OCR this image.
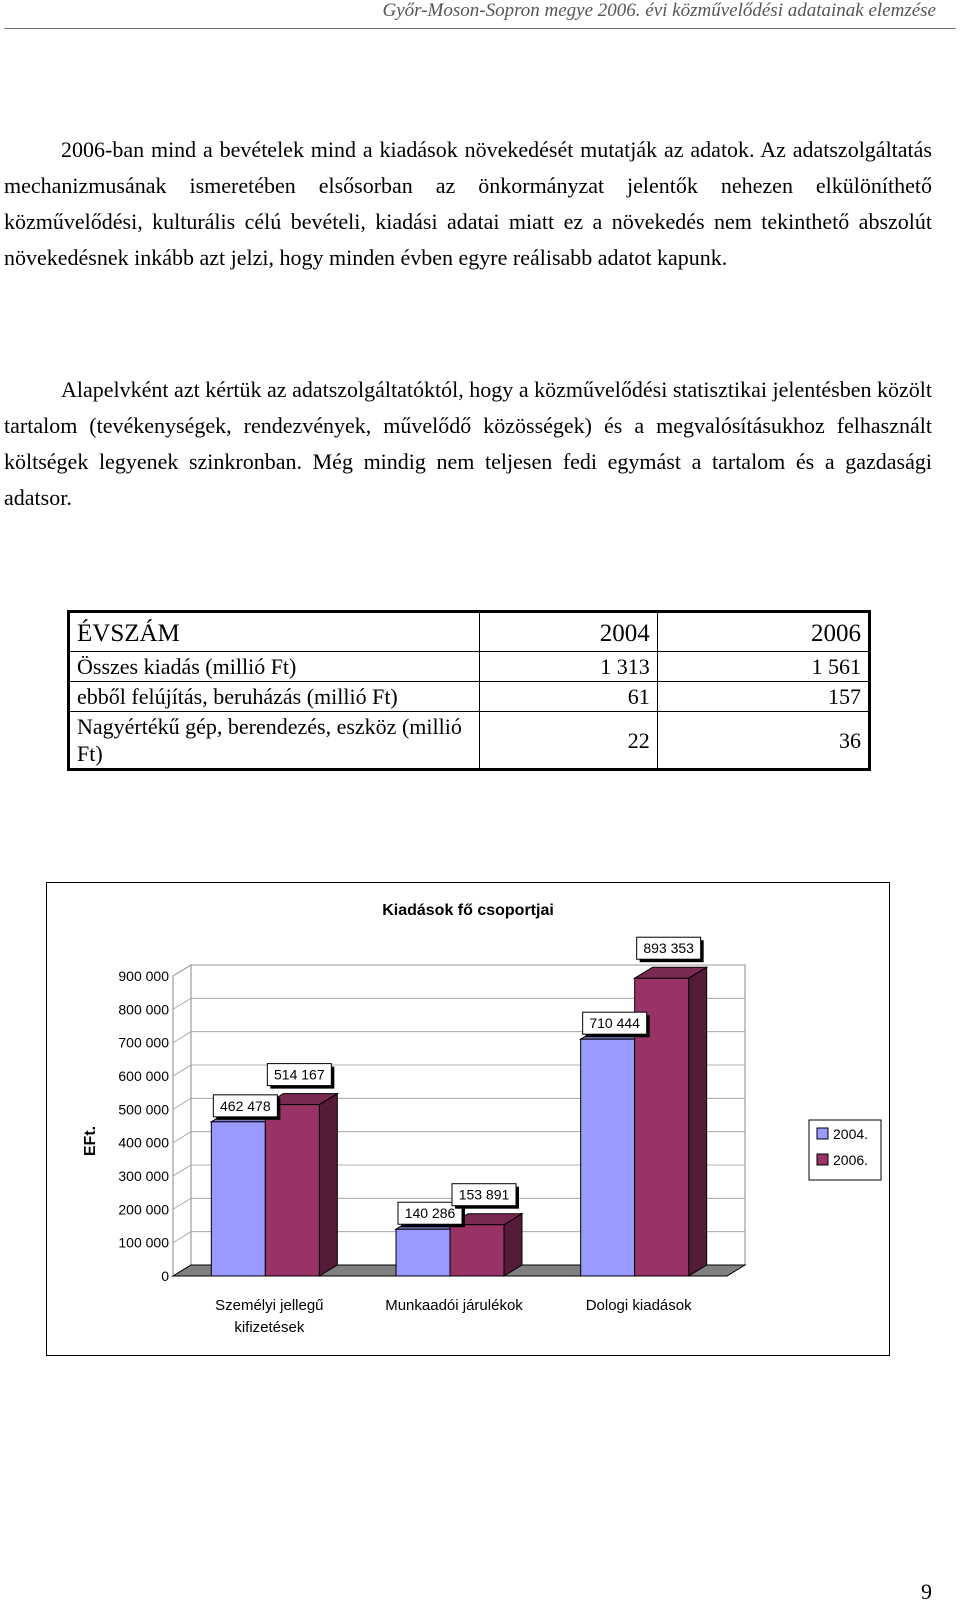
Győr-Moson-Sopron megye 2006. évi közművelődési adatainak elemzése

2006-ban mind a bevételek mind a kiadások növekedését mutatják az adatok. Az adatszolgáltatás mechanizmusának ismeretében elsősorban az önkormányzat jelentők nehezen elkülöníthető közművelődési, kulturális célú bevételi, kiadási adatai miatt ez a növekedés nem tekinthető abszolút növekedésnek inkább azt jelzi, hogy minden évben egyre reálisabb adatot kapunk.

Alapelvként azt kértük az adatszolgáltatóktól, hogy a közművelődési statisztikai jelentésben közölt tartalom (tevékenységek, rendezvények, művelődő közösségek) és a megvalósításukhoz felhasznált költségek legyenek szinkronban. Még mindig nem teljesen fedi egymást a tartalom és a gazdasági adatsor.

ÉVSZÁM	2004	2006
Összes kiadás (millió Ft)	1 313	1 561
ebből felújítás, beruházás (millió Ft)	61	157
Nagyértékű gép, berendezés, eszköz (millió Ft)	22	36
Kiadások fő csoportjai
0
100 000
200 000
300 000
400 000
500 000
600 000
700 000
800 000
900 000
EFt.
462 478
514 167
Személyi jellegű
kifizetések
140 286
153 891
Munkaadói járulékok
710 444
893 353
Dologi kiadások
2004.
2006.
9
